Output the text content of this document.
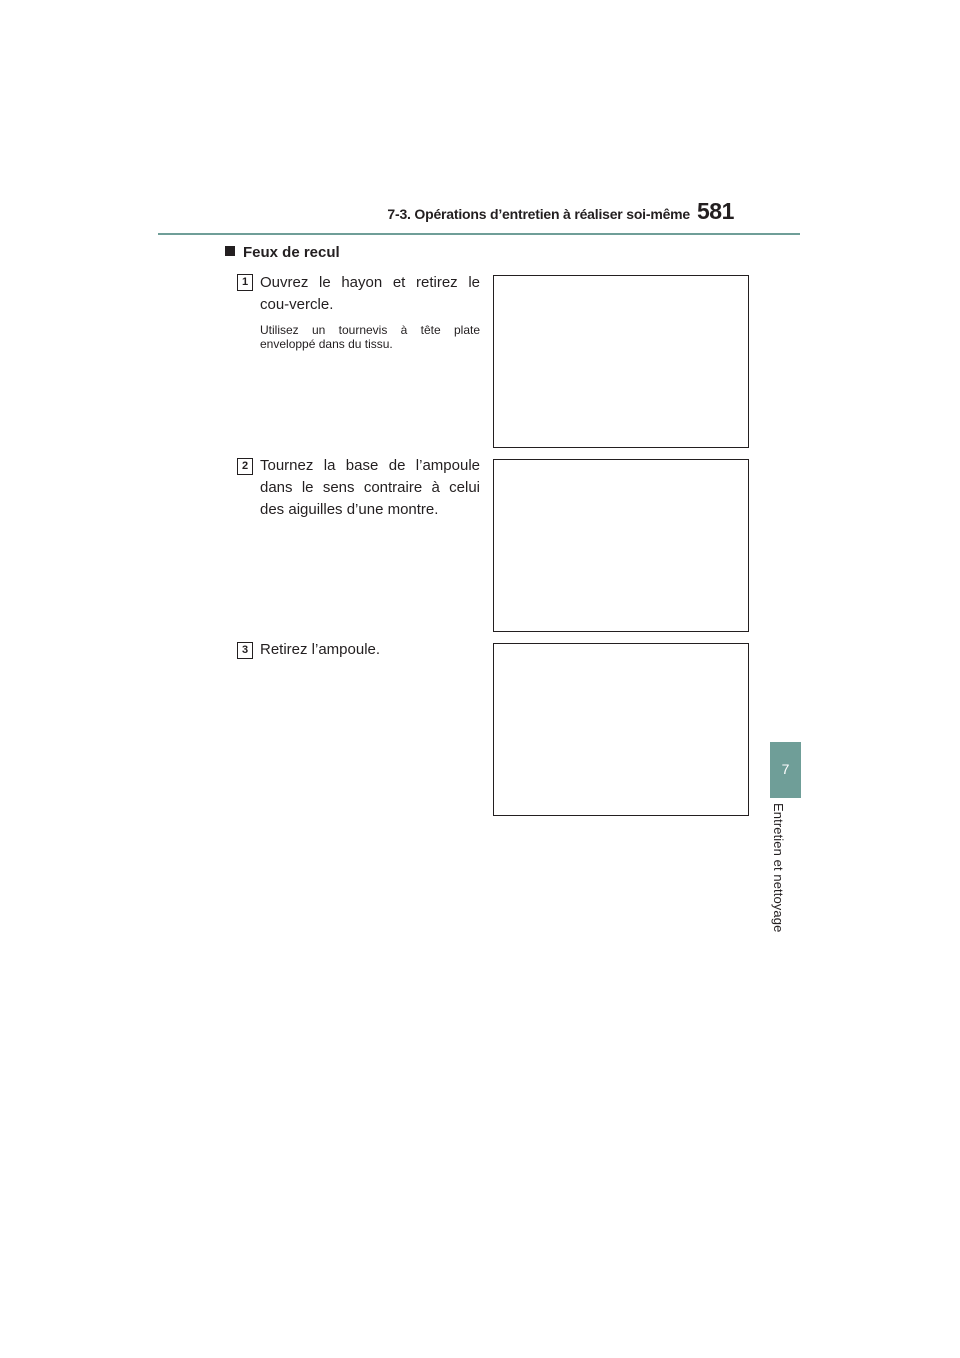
7-3. Opérations d’entretien à réaliser soi-même 581
7
Entretien et nettoyage
Feux de recul
1 Ouvrez le hayon et retirez le cou-vercle.
Utilisez un tournevis à tête plate enveloppé dans du tissu.
2 Tournez la base de l’ampoule dans le sens contraire à celui des aiguilles d’une montre.
3 Retirez l’ampoule.
